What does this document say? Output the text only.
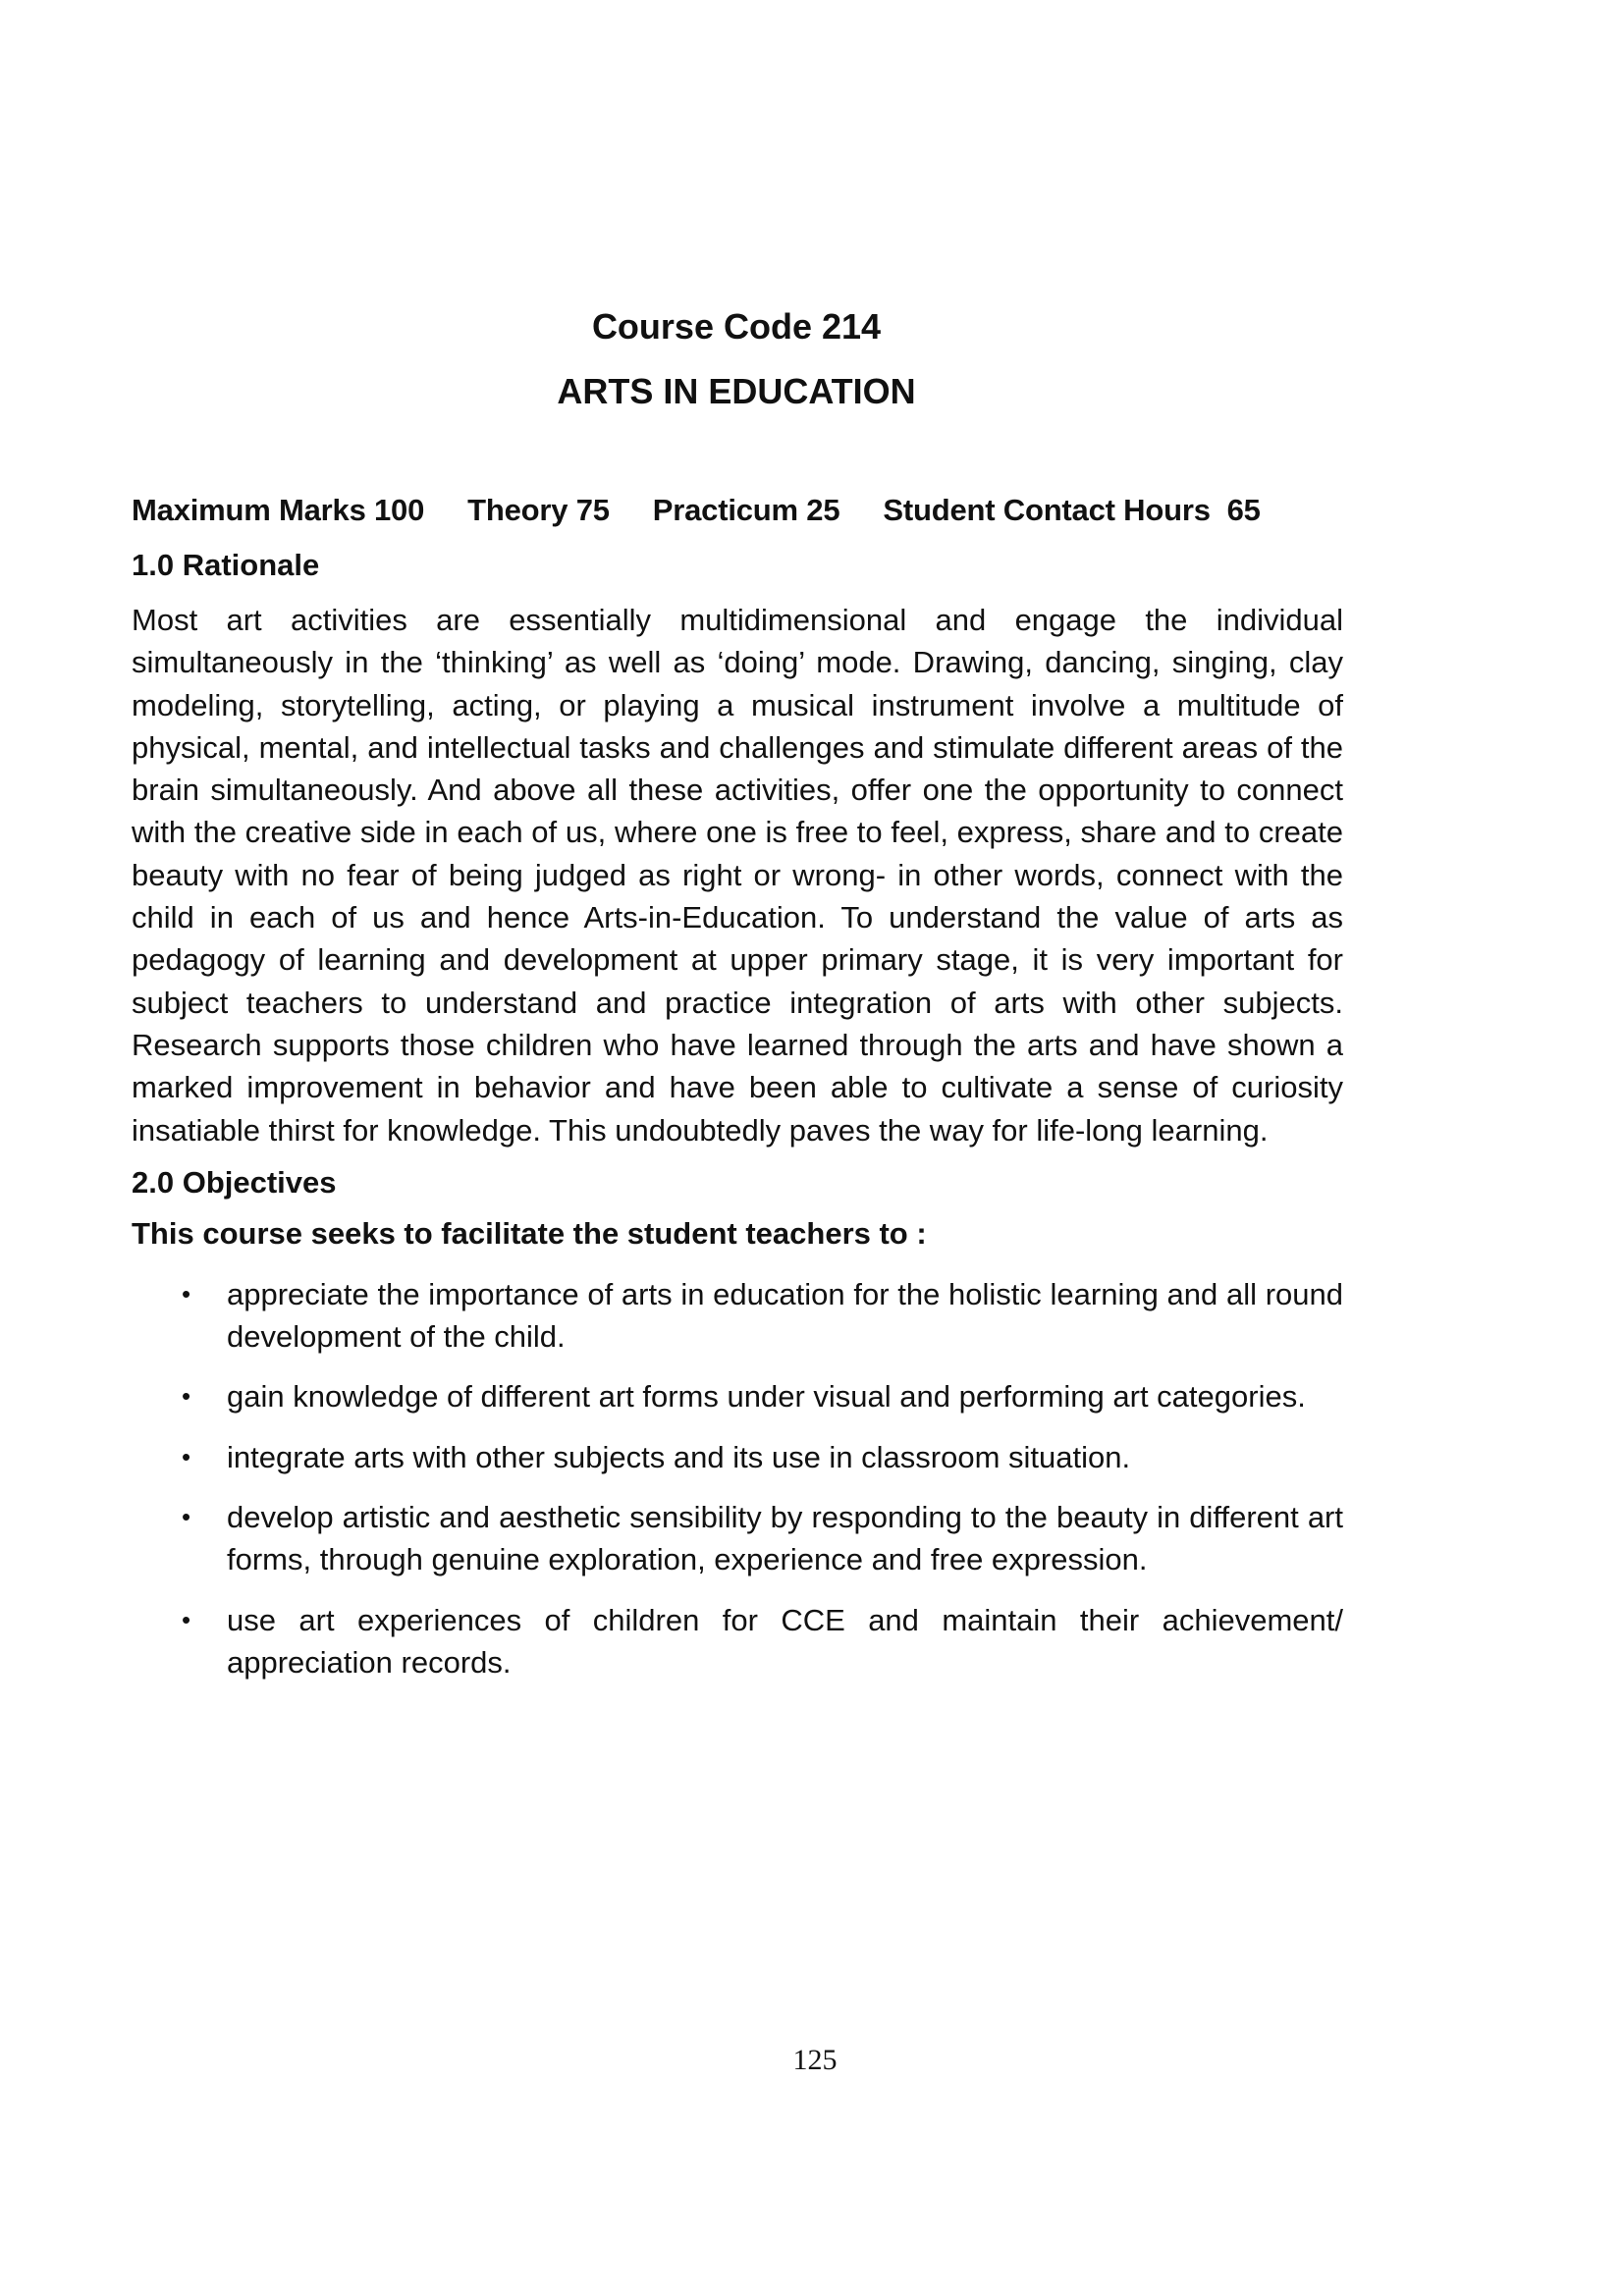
Course Code 214
ARTS IN EDUCATION

Maximum Marks 100 Theory 75 Practicum 25 Student Contact Hours  65

1.0 Rationale

Most art activities are essentially multidimensional and engage the individual simultaneously in the ‘thinking’ as well as ‘doing’ mode. Drawing, dancing, singing, clay modeling, storytelling, acting, or playing a musical instrument involve a multitude of physical, mental, and intellectual tasks and challenges and stimulate different areas of the brain simultaneously. And above all these activities, offer one the opportunity to connect with the creative side in each of us, where one is free to feel, express, share and to create beauty with no fear of being judged as right or wrong- in other words, connect with the child in each of us and hence Arts-in-Education. To understand the value of arts as pedagogy of learning and development at upper primary stage, it is very important for subject teachers to understand and practice integration of arts with other subjects. Research supports those children who have learned through the arts and have shown a marked improvement in behavior and have been able to cultivate a sense of curiosity insatiable thirst for knowledge. This undoubtedly paves the way for life-long learning.

2.0 Objectives

This course seeks to facilitate the student teachers to :

• appreciate the importance of arts in education for the holistic learning and all round development of the child.
• gain knowledge of different art forms under visual and performing art categories.
• integrate arts with other subjects and its use in classroom situation.
• develop artistic and aesthetic sensibility by responding to the beauty in different art forms, through genuine exploration, experience and free expression.
• use art experiences of children for CCE and maintain their achievement/ appreciation records.
125
